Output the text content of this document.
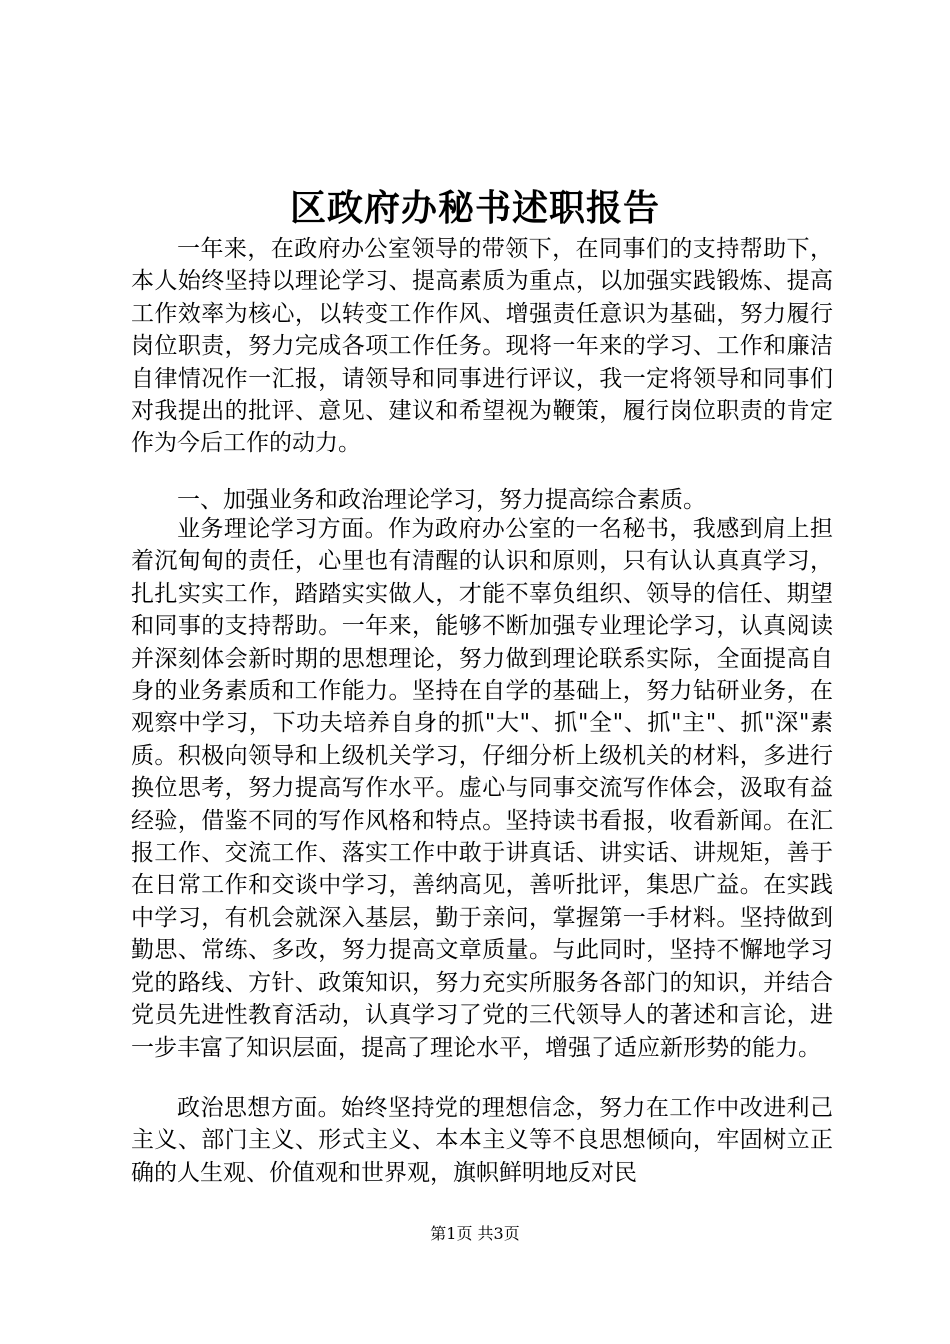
区政府办秘书述职报告

一年来，在政府办公室领导的带领下，在同事们的支持帮助下，本人始终坚持以理论学习、提高素质为重点，以加强实践锻炼、提高工作效率为核心，以转变工作作风、增强责任意识为基础，努力履行岗位职责，努力完成各项工作任务。现将一年来的学习、工作和廉洁自律情况作一汇报，请领导和同事进行评议，我一定将领导和同事们对我提出的批评、意见、建议和希望视为鞭策，履行岗位职责的肯定作为今后工作的动力。

一、加强业务和政治理论学习，努力提高综合素质。

业务理论学习方面。作为政府办公室的一名秘书，我感到肩上担着沉甸甸的责任，心里也有清醒的认识和原则，只有认认真真学习，扎扎实实工作，踏踏实实做人，才能不辜负组织、领导的信任、期望和同事的支持帮助。一年来，能够不断加强专业理论学习，认真阅读并深刻体会新时期的思想理论，努力做到理论联系实际，全面提高自身的业务素质和工作能力。坚持在自学的基础上，努力钻研业务，在观察中学习，下功夫培养自身的抓"大"、抓"全"、抓"主"、抓"深"素质。积极向领导和上级机关学习，仔细分析上级机关的材料，多进行换位思考，努力提高写作水平。虚心与同事交流写作体会，汲取有益经验，借鉴不同的写作风格和特点。坚持读书看报，收看新闻。在汇报工作、交流工作、落实工作中敢于讲真话、讲实话、讲规矩，善于在日常工作和交谈中学习，善纳高见，善听批评，集思广益。在实践中学习，有机会就深入基层，勤于亲问，掌握第一手材料。坚持做到勤思、常练、多改，努力提高文章质量。与此同时，坚持不懈地学习党的路线、方针、政策知识，努力充实所服务各部门的知识，并结合党员先进性教育活动，认真学习了党的三代领导人的著述和言论，进一步丰富了知识层面，提高了理论水平，增强了适应新形势的能力。

政治思想方面。始终坚持党的理想信念，努力在工作中改进利己主义、部门主义、形式主义、本本主义等不良思想倾向，牢固树立正确的人生观、价值观和世界观，旗帜鲜明地反对民

第1页 共3页
